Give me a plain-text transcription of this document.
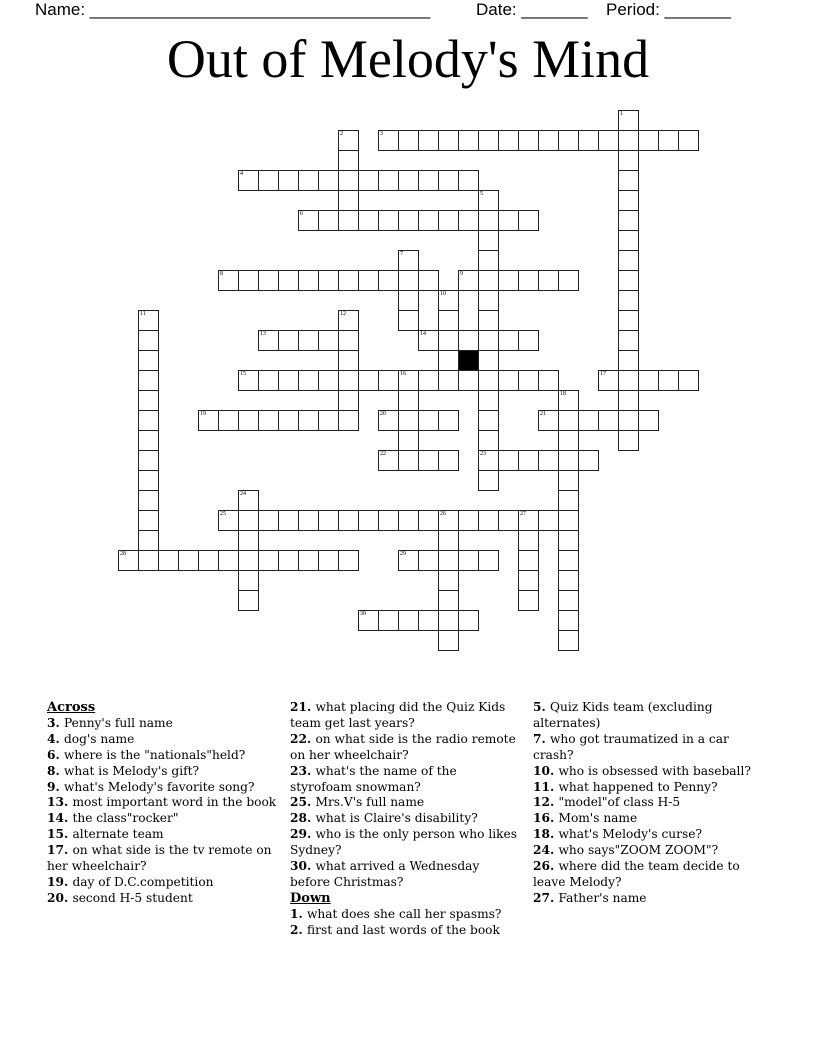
Name: ____________________________________	Date: _______ Period: _______
Out of Melody's Mind
3
4
6
8	9
13	14
15	16	17
19	20	21
22	23
25	26	27
28	29
30
1
2
5
7
10
11	12
18
24
Across
3. Penny's full name
4. dog's name
6. where is the "nationals"held?
8. what is Melody's gift?
9. what's Melody's favorite song?
13. most important word in the book
14. the class"rocker"
15. alternate team
17. on what side is the tv remote on her wheelchair?
19. day of D.C.competition
20. second H-5 student
21. what placing did the Quiz Kids team get last years?
22. on what side is the radio remote on her wheelchair?
23. what's the name of the styrofoam snowman?
25. Mrs.V's full name
28. what is Claire's disability?
29. who is the only person who likes Sydney?
30. what arrived a Wednesday before Christmas?
Down
1. what does she call her spasms?
2. first and last words of the book
5. Quiz Kids team (excluding alternates)
7. who got traumatized in a car crash?
10. who is obsessed with baseball?
11. what happened to Penny?
12. "model"of class H-5
16. Mom's name
18. what's Melody's curse?
24. who says"ZOOM ZOOM"?
26. where did the team decide to leave Melody?
27. Father's name
